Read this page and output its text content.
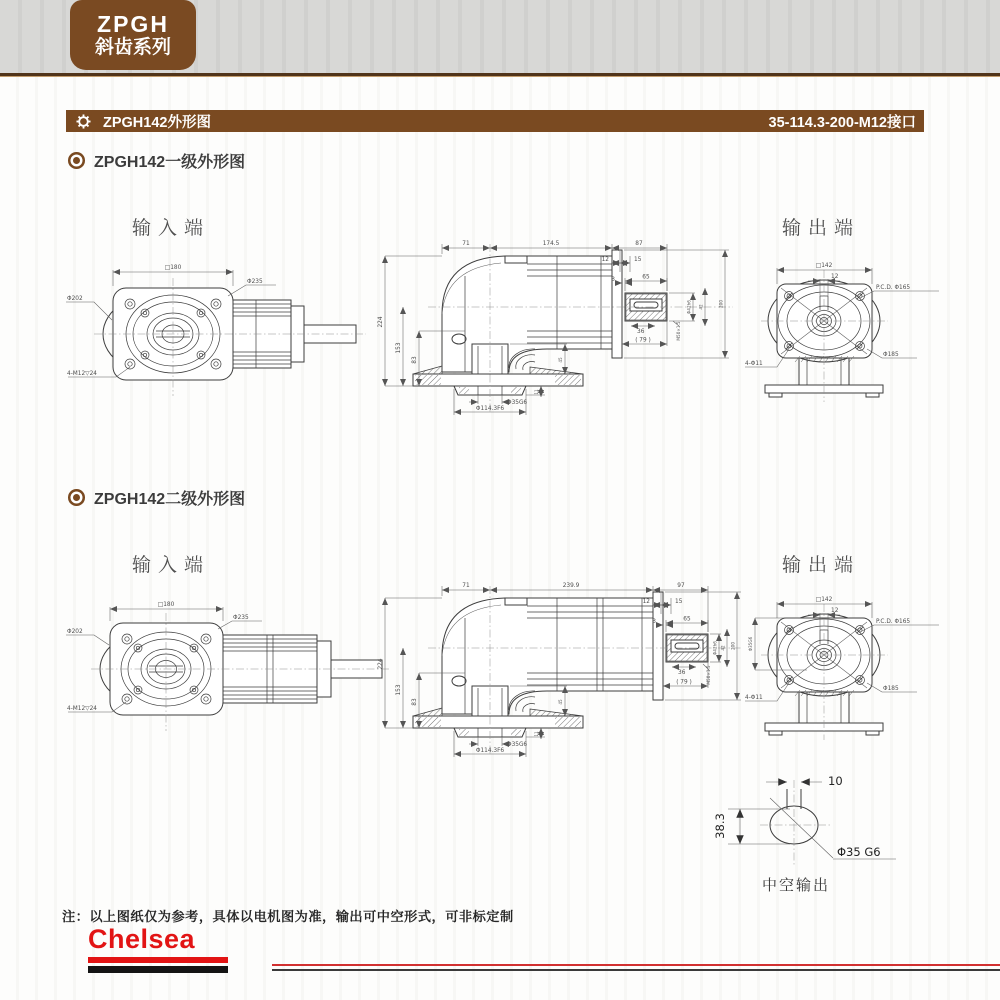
ZPGH
斜齿系列
ZPGH142外形图	35-114.3-200-M12接口
ZPGH142一级外形图
输入端	输出端
□180
Φ235
Φ202
4-M12▽24
71	174.5	87
12	15
3	65
36
( 79 )
224
153
83	45
11
Φ35G6
Φ114.3F6
Φ42h6 42
M50×1.5
200
□142
12
P.C.D. Φ165
Φ185
4-Φ11
ZPGH142二级外形图
输入端	输出端
□180
Φ235
Φ202
4-M12▽24
71	239.9	97
12	15
3	65
36
( 79 )
224
153
83	45
11
Φ35G6
Φ114.3F6
Φ42h6 42
M50×1.5
200
□142
12
P.C.D. Φ165
Φ185
4-Φ11
Φ35G6
10
38.3
Φ35 G6
中空输出
注：以上图纸仅为参考，具体以电机图为准，输出可中空形式，可非标定制
Chelsea
